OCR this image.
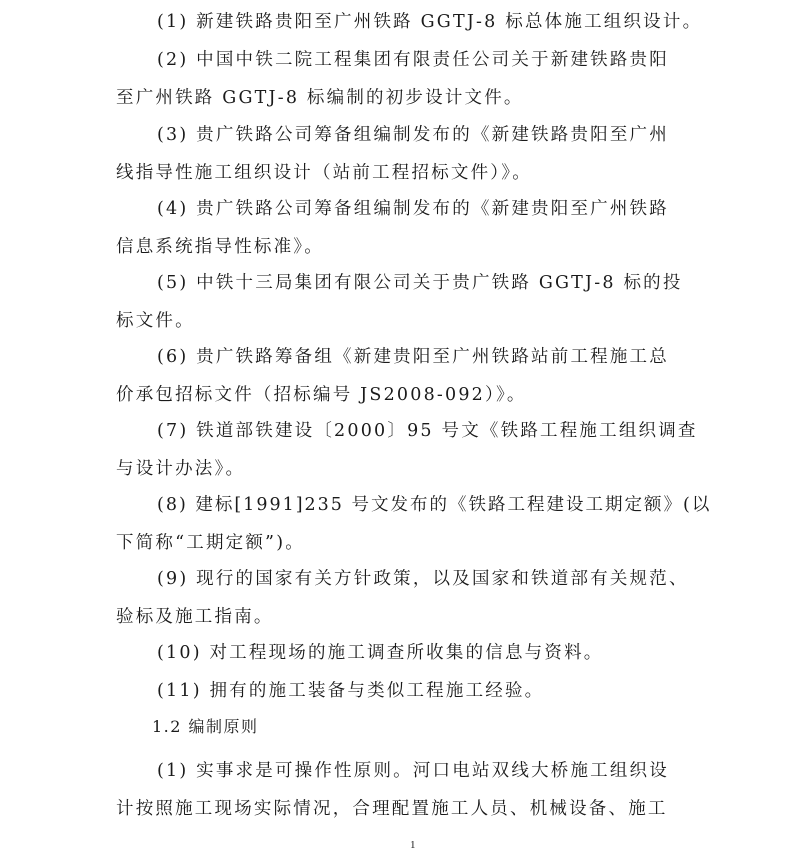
(1) 新建铁路贵阳至广州铁路 GGTJ-8 标总体施工组织设计。
(2) 中国中铁二院工程集团有限责任公司关于新建铁路贵阳
至广州铁路 GGTJ-8 标编制的初步设计文件。
(3) 贵广铁路公司筹备组编制发布的《新建铁路贵阳至广州
线指导性施工组织设计（站前工程招标文件）》。
(4) 贵广铁路公司筹备组编制发布的《新建贵阳至广州铁路
信息系统指导性标准》。
(5) 中铁十三局集团有限公司关于贵广铁路 GGTJ-8 标的投
标文件。
(6) 贵广铁路筹备组《新建贵阳至广州铁路站前工程施工总
价承包招标文件（招标编号 JS2008-092）》。
(7) 铁道部铁建设〔2000〕95 号文《铁路工程施工组织调查
与设计办法》。
(8) 建标[1991]235 号文发布的《铁路工程建设工期定额》(以
下简称“工期定额”)。
(9) 现行的国家有关方针政策，以及国家和铁道部有关规范、
验标及施工指南。
(10) 对工程现场的施工调查所收集的信息与资料。
(11) 拥有的施工装备与类似工程施工经验。
1.2 编制原则
(1) 实事求是可操作性原则。河口电站双线大桥施工组织设
计按照施工现场实际情况，合理配置施工人员、机械设备、施工
1
